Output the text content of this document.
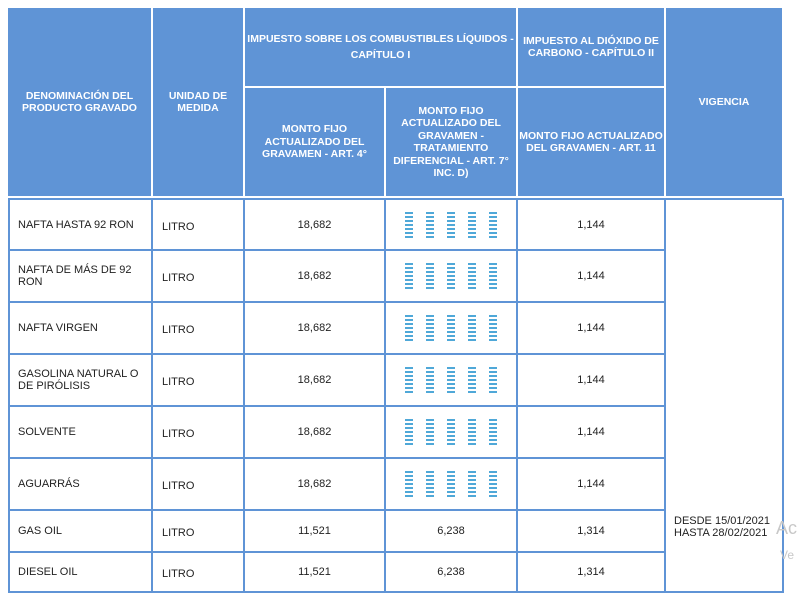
DENOMINACIÓN DEL PRODUCTO GRAVADO	UNIDAD DE MEDIDA	IMPUESTO SOBRE LOS COMBUSTIBLES LÍQUIDOS -
CAPÍTULO I		IMPUESTO AL DIÓXIDO DE CARBONO - CAPÍTULO II	VIGENCIA
		MONTO FIJO ACTUALIZADO DEL GRAVAMEN - ART. 4°	MONTO FIJO ACTUALIZADO DEL GRAVAMEN - TRATAMIENTO DIFERENCIAL - ART. 7° INC. D)	MONTO FIJO ACTUALIZADO DEL GRAVAMEN - ART. 11	
NAFTA HASTA 92 RON	LITRO	18,682		1,144	DESDE 15/01/2021
HASTA 28/02/2021

NAFTA DE MÁS DE 92 RON	LITRO	18,682		1,144	
NAFTA VIRGEN	LITRO	18,682		1,144	
GASOLINA NATURAL O DE PIRÓLISIS	LITRO	18,682		1,144	
SOLVENTE	LITRO	18,682		1,144	
AGUARRÁS	LITRO	18,682		1,144	
GAS OIL	LITRO	11,521	6,238	1,314	
DIESEL OIL	LITRO	11,521	6,238	1,314	
Ac
Ve
